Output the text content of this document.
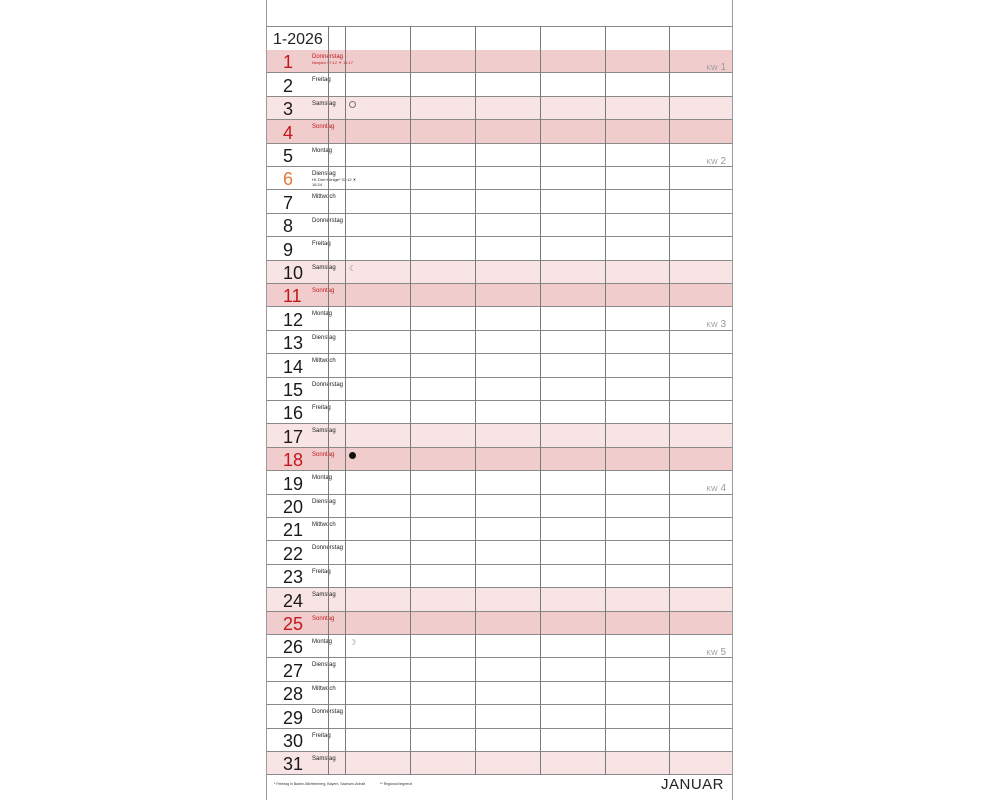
1-2026
1	Donnerstag
Neujahr 07:12 ☀ 16:17
KW 1
2	Freitag
3	Samstag
4	Sonntag
5	Montag
KW 2
6	Dienstag
Hl. Drei Könige* 07:12 ☀ 16:24
7	Mittwoch
8	Donnerstag
9	Freitag
10 Samstag	☾
11 Sonntag
12 Montag
KW 3
13 Dienstag
14 Mittwoch
15 Donnerstag
16 Freitag
17 Samstag
18 Sonntag
19 Montag
KW 4
20 Dienstag
21 Mittwoch
22 Donnerstag
23 Freitag
24 Samstag
25 Sonntag
26 Montag	☽
KW 5
27 Dienstag
28 Mittwoch
29 Donnerstag
30 Freitag
31 Samstag
* Feiertag in Baden-Württemberg, Bayern, Sachsen-Anhalt	** Regional begrenzt	JANUAR
